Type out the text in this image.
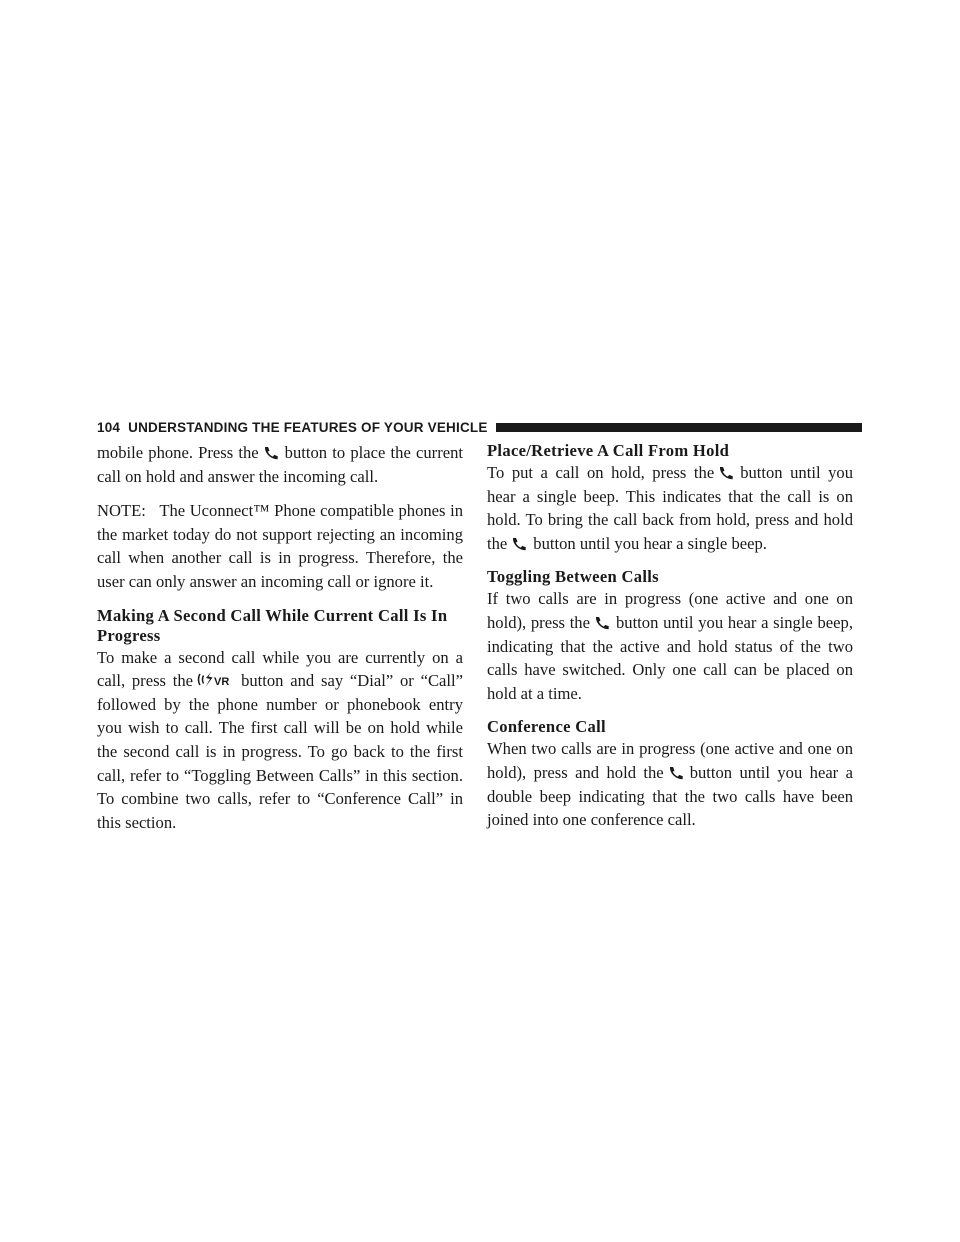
104 UNDERSTANDING THE FEATURES OF YOUR VEHICLE

mobile phone. Press the button to place the current call on hold and answer the incoming call.

NOTE: The Uconnect™ Phone compatible phones in the market today do not support rejecting an incoming call when another call is in progress. Therefore, the user can only answer an incoming call or ignore it.

Making A Second Call While Current Call Is In Progress

To make a second call while you are currently on a call, press the VR button and say “Dial” or “Call” followed by the phone number or phonebook entry you wish to call. The first call will be on hold while the second call is in progress. To go back to the first call, refer to “Toggling Between Calls” in this section. To combine two calls, refer to “Conference Call” in this section.

Place/Retrieve A Call From Hold

To put a call on hold, press the button until you hear a single beep. This indicates that the call is on hold. To bring the call back from hold, press and hold the button until you hear a single beep.

Toggling Between Calls

If two calls are in progress (one active and one on hold), press the button until you hear a single beep, indicating that the active and hold status of the two calls have switched. Only one call can be placed on hold at a time.

Conference Call

When two calls are in progress (one active and one on hold), press and hold the button until you hear a double beep indicating that the two calls have been joined into one conference call.
